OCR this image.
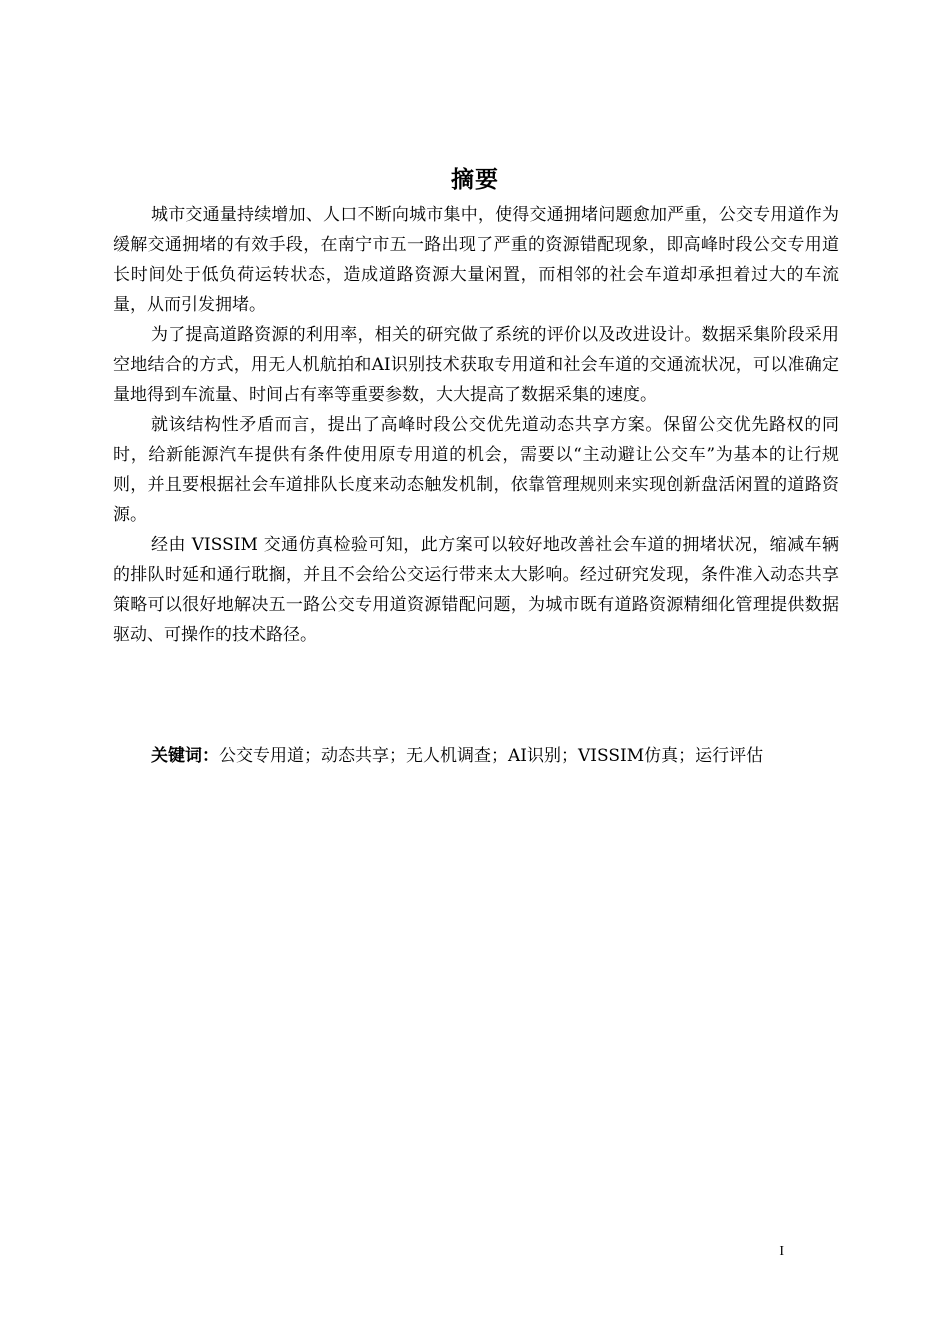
摘要

城市交通量持续增加、人口不断向城市集中，使得交通拥堵问题愈加严重，公交专用道作为缓解交通拥堵的有效手段，在南宁市五一路出现了严重的资源错配现象，即高峰时段公交专用道长时间处于低负荷运转状态，造成道路资源大量闲置，而相邻的社会车道却承担着过大的车流量，从而引发拥堵。

为了提高道路资源的利用率，相关的研究做了系统的评价以及改进设计。数据采集阶段采用空地结合的方式，用无人机航拍和AI识别技术获取专用道和社会车道的交通流状况，可以准确定量地得到车流量、时间占有率等重要参数，大大提高了数据采集的速度。

就该结构性矛盾而言，提出了高峰时段公交优先道动态共享方案。保留公交优先路权的同时，给新能源汽车提供有条件使用原专用道的机会，需要以“主动避让公交车”为基本的让行规则，并且要根据社会车道排队长度来动态触发机制，依靠管理规则来实现创新盘活闲置的道路资源。

经由 VISSIM 交通仿真检验可知，此方案可以较好地改善社会车道的拥堵状况，缩减车辆的排队时延和通行耽搁，并且不会给公交运行带来太大影响。经过研究发现，条件准入动态共享策略可以很好地解决五一路公交专用道资源错配问题，为城市既有道路资源精细化管理提供数据驱动、可操作的技术路径。

关键词：公交专用道；动态共享；无人机调查；AI识别；VISSIM仿真；运行评估
I
